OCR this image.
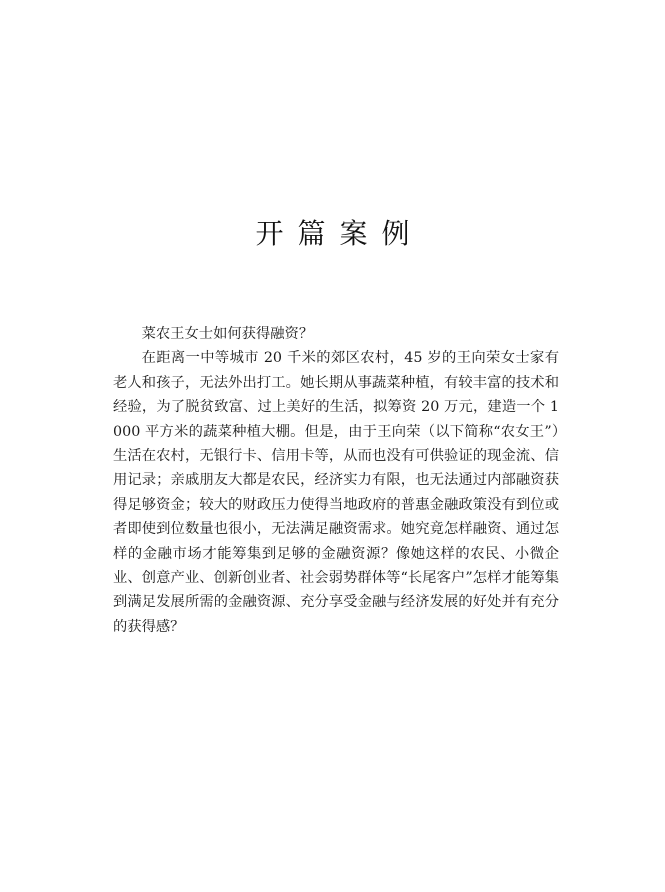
开篇案例

菜农王女士如何获得融资？

在距离一中等城市 20 千米的郊区农村，45 岁的王向荣女士家有老人和孩子，无法外出打工。她长期从事蔬菜种植，有较丰富的技术和经验，为了脱贫致富、过上美好的生活，拟筹资 20 万元，建造一个 1 000 平方米的蔬菜种植大棚。但是，由于王向荣（以下简称“农女王”）生活在农村，无银行卡、信用卡等，从而也没有可供验证的现金流、信用记录；亲戚朋友大都是农民，经济实力有限，也无法通过内部融资获得足够资金；较大的财政压力使得当地政府的普惠金融政策没有到位或者即使到位数量也很小，无法满足融资需求。她究竟怎样融资、通过怎样的金融市场才能筹集到足够的金融资源？像她这样的农民、小微企业、创意产业、创新创业者、社会弱势群体等“长尾客户”怎样才能筹集到满足发展所需的金融资源、充分享受金融与经济发展的好处并有充分的获得感？
